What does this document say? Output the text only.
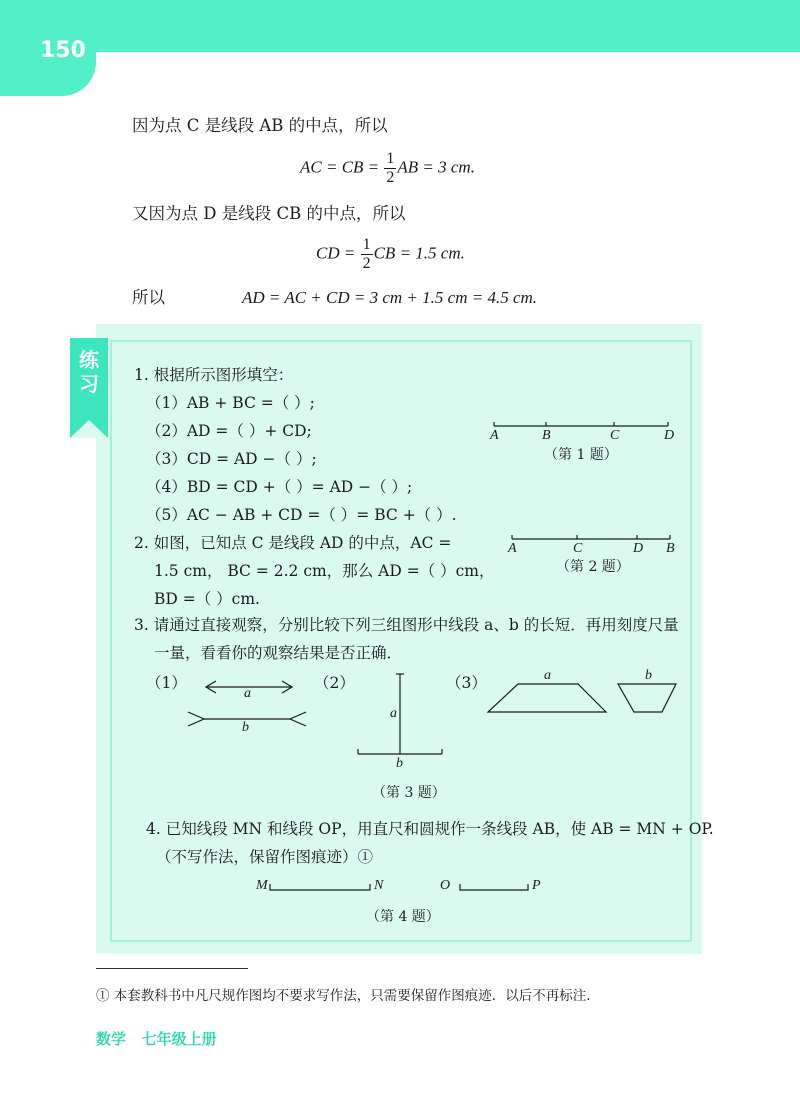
150
因为点 C 是线段 AB 的中点，所以
AC = CB = $\frac{1}{2}$ AB = 3 cm.
又因为点 D 是线段 CB 的中点，所以
CD = $\frac{1}{2}$ CB = 1.5 cm.
所以	AD = AC + CD = 3 cm + 1.5 cm = 4.5 cm.
练习 1. 根据所示图形填空：
（1）AB + BC =（ ）;
（2）AD =（ ）+ CD;
（3）CD = AD −（ ）;
（4）BD = CD +（ ）= AD −（ ）;
（5）AC − AB + CD =（ ）= BC +（ ）.
A	B	C	D
（第 1 题）
2. 如图，已知点 C 是线段 AD 的中点，AC =
1.5 cm， BC = 2.2 cm，那么 AD =（ ）cm，
BD =（ ）cm.
A	C	D B
（第 2 题）
3. 请通过直接观察，分别比较下列三组图形中线段 a、b 的长短．再用刻度尺量
一量，看看你的观察结果是否正确．
（1）	（2）	（3）
a
b
a
b
a	b
（第 3 题）
4. 已知线段 MN 和线段 OP，用直尺和圆规作一条线段 AB，使 AB = MN + OP.
（不写作法，保留作图痕迹）①
M	N	O	P
（第 4 题）
① 本套教科书中凡尺规作图均不要求写作法，只需要保留作图痕迹．以后不再标注．
数学   七年级上册
